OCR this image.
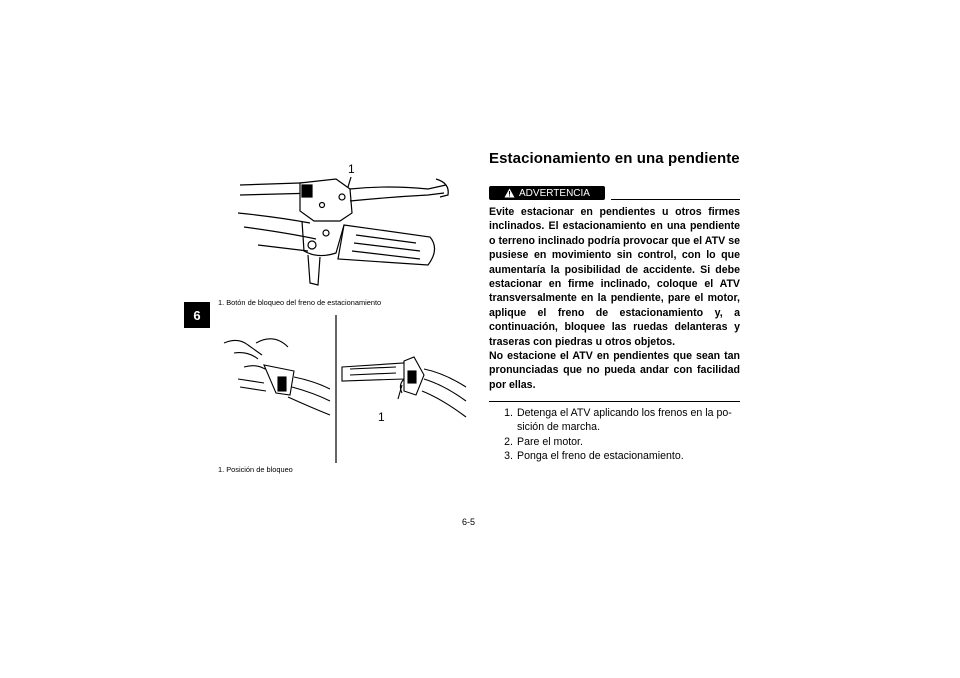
6
1
1. Botón de bloqueo del freno de estacionamiento
1
1. Posición de bloqueo
Estacionamiento en una pendiente
ADVERTENCIA

Evite estacionar en pendientes u otros firmes inclinados. El estacionamiento en una pendiente o terreno inclinado podría provocar que el ATV se pusiese en movimiento sin control, con lo que aumentaría la posibilidad de accidente. Si debe estacionar en firme inclinado, coloque el ATV transversalmente en la pendiente, pare el motor, aplique el freno de estacionamiento y, a continuación, bloquee las ruedas delanteras y traseras con piedras u otros objetos.

No estacione el ATV en pendientes que sean tan pronunciadas que no pueda andar con facilidad por ellas.

1. Detenga el ATV aplicando los frenos en la posición de marcha.
2. Pare el motor.
3. Ponga el freno de estacionamiento.
6-5
